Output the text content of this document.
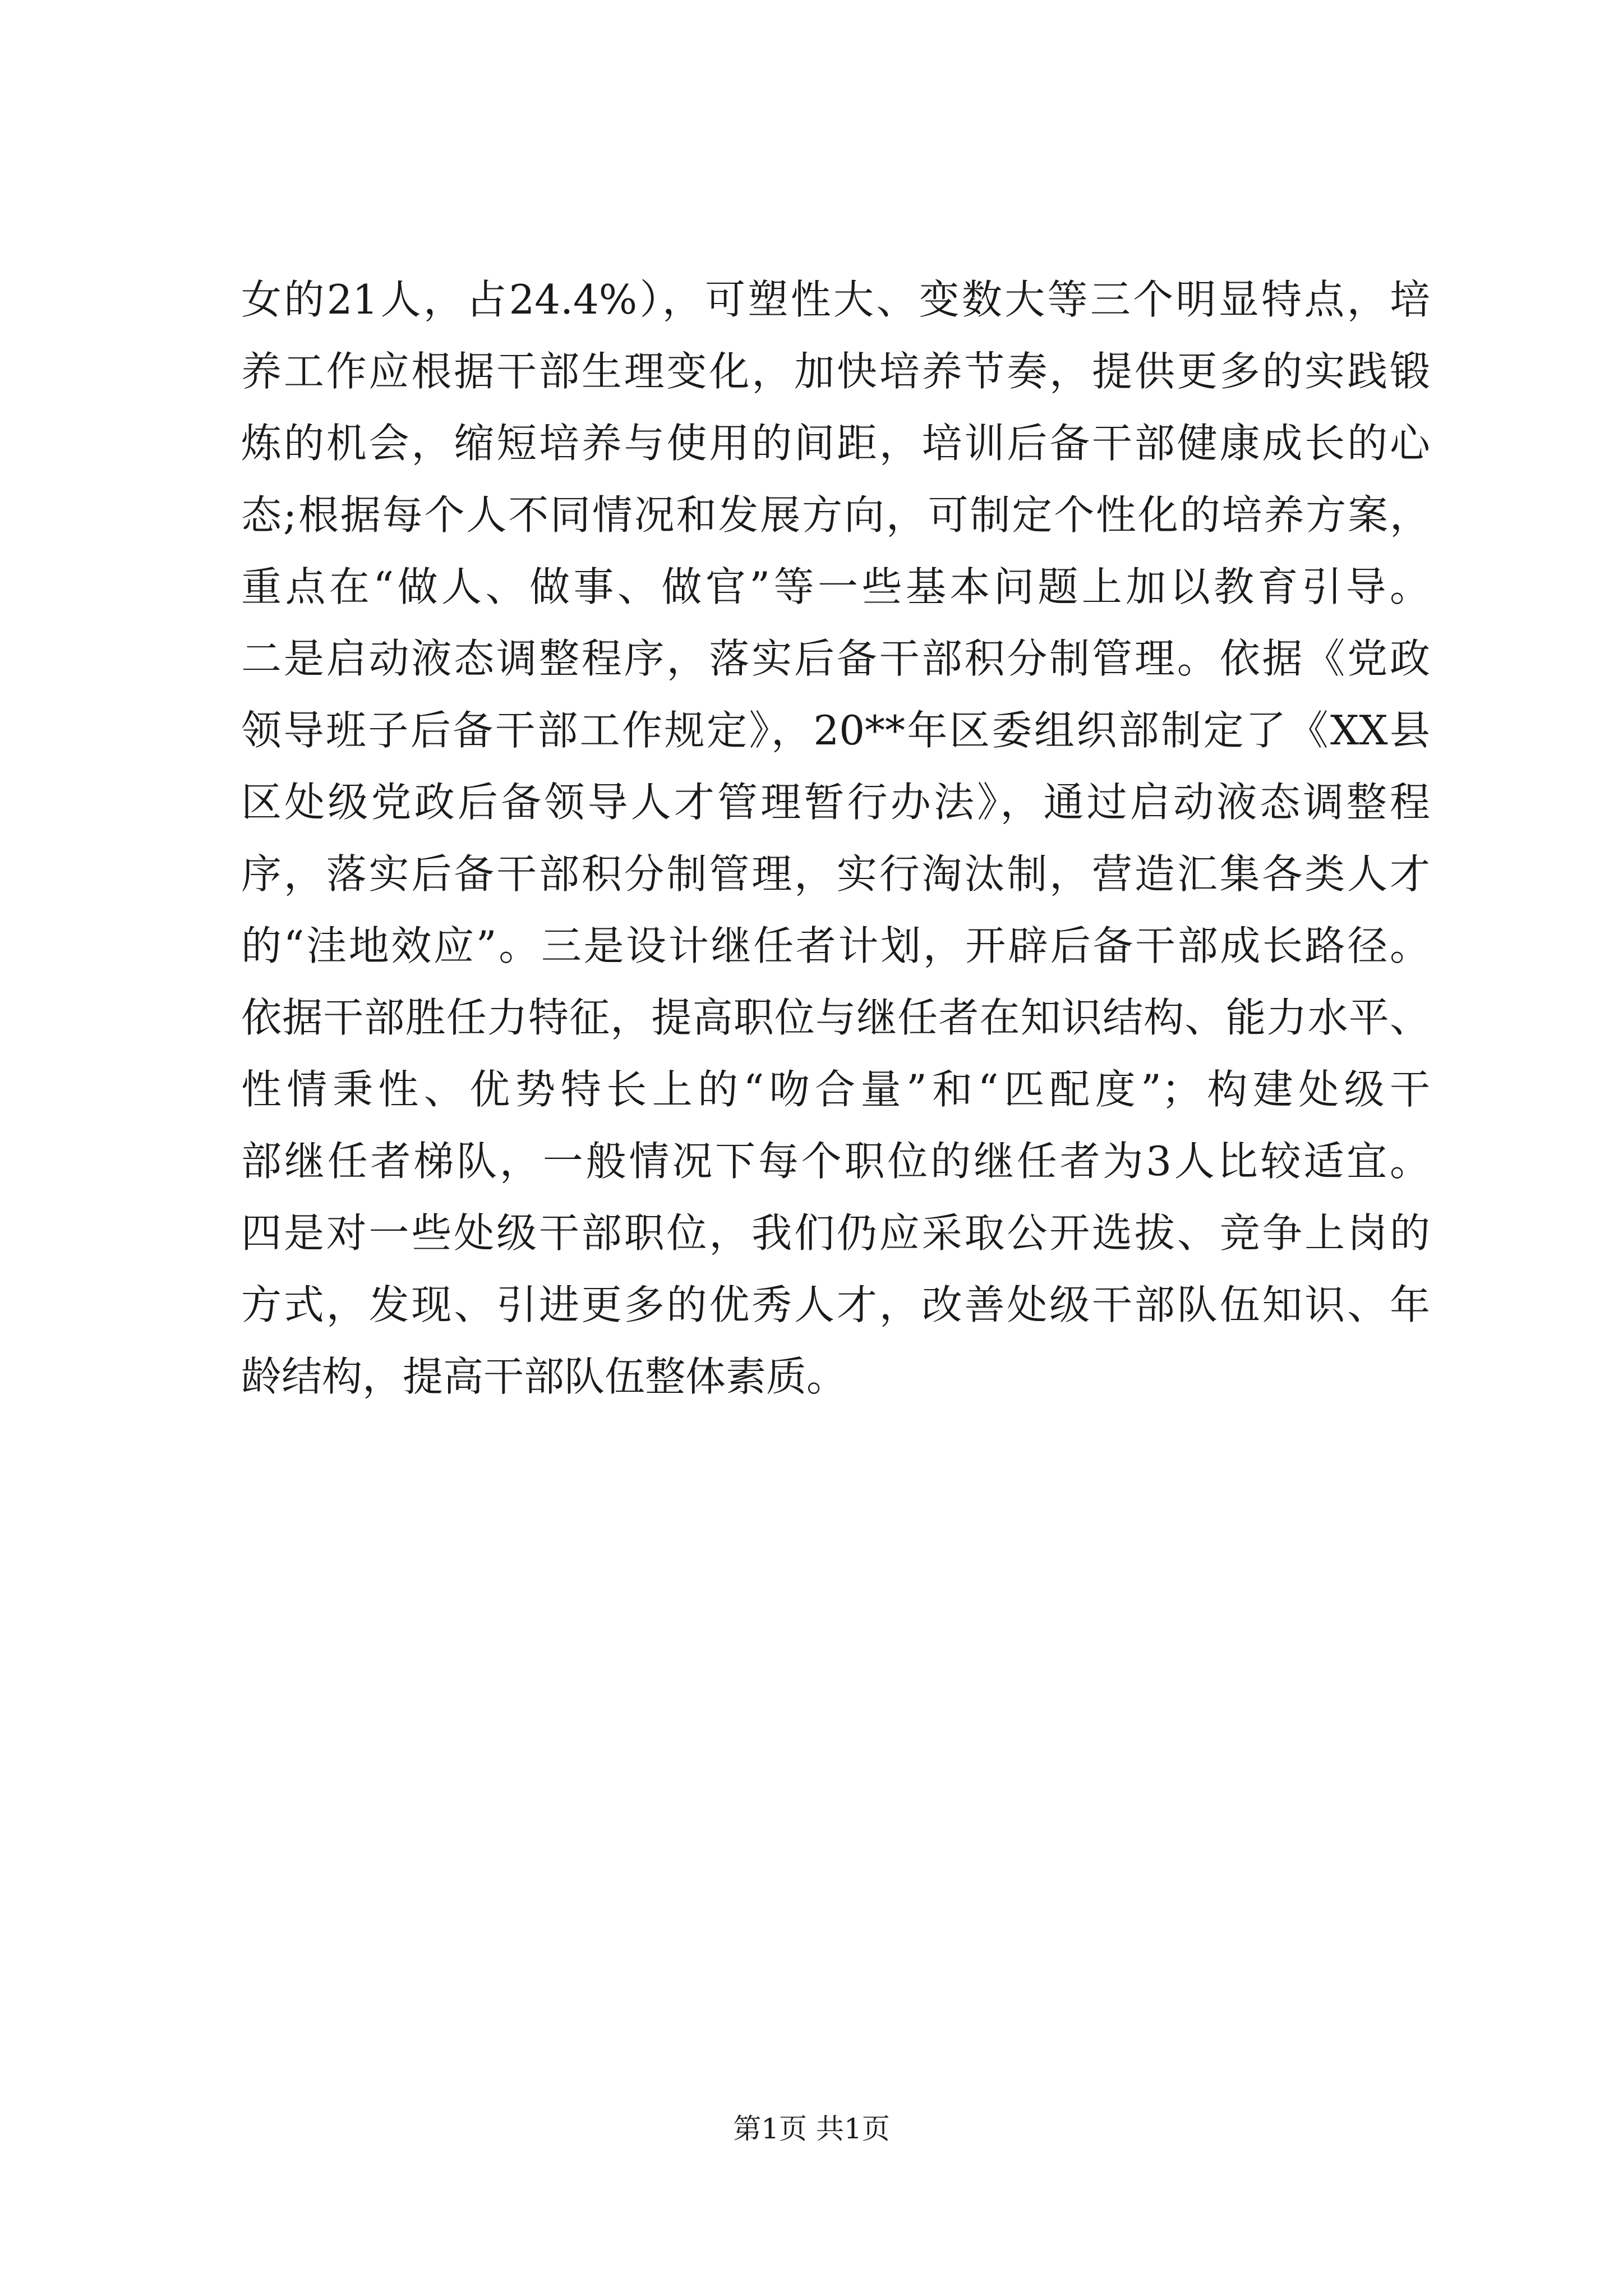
女的21人，占24.4%），可塑性大、变数大等三个明显特点，培
养工作应根据干部生理变化，加快培养节奏，提供更多的实践锻
炼的机会，缩短培养与使用的间距，培训后备干部健康成长的心
态;根据每个人不同情况和发展方向，可制定个性化的培养方案，
重点在“做人、做事、做官”等一些基本问题上加以教育引导。
二是启动液态调整程序，落实后备干部积分制管理。依据《党政
领导班子后备干部工作规定》，20**年区委组织部制定了《XX县
区处级党政后备领导人才管理暂行办法》，通过启动液态调整程
序，落实后备干部积分制管理，实行淘汰制，营造汇集各类人才
的“洼地效应”。三是设计继任者计划，开辟后备干部成长路径。
依据干部胜任力特征，提高职位与继任者在知识结构、能力水平、
性情秉性、优势特长上的“吻合量”和“匹配度”；构建处级干
部继任者梯队，一般情况下每个职位的继任者为3人比较适宜。
四是对一些处级干部职位，我们仍应采取公开选拔、竞争上岗的
方式，发现、引进更多的优秀人才，改善处级干部队伍知识、年
龄结构，提高干部队伍整体素质。
第1页 共1页
